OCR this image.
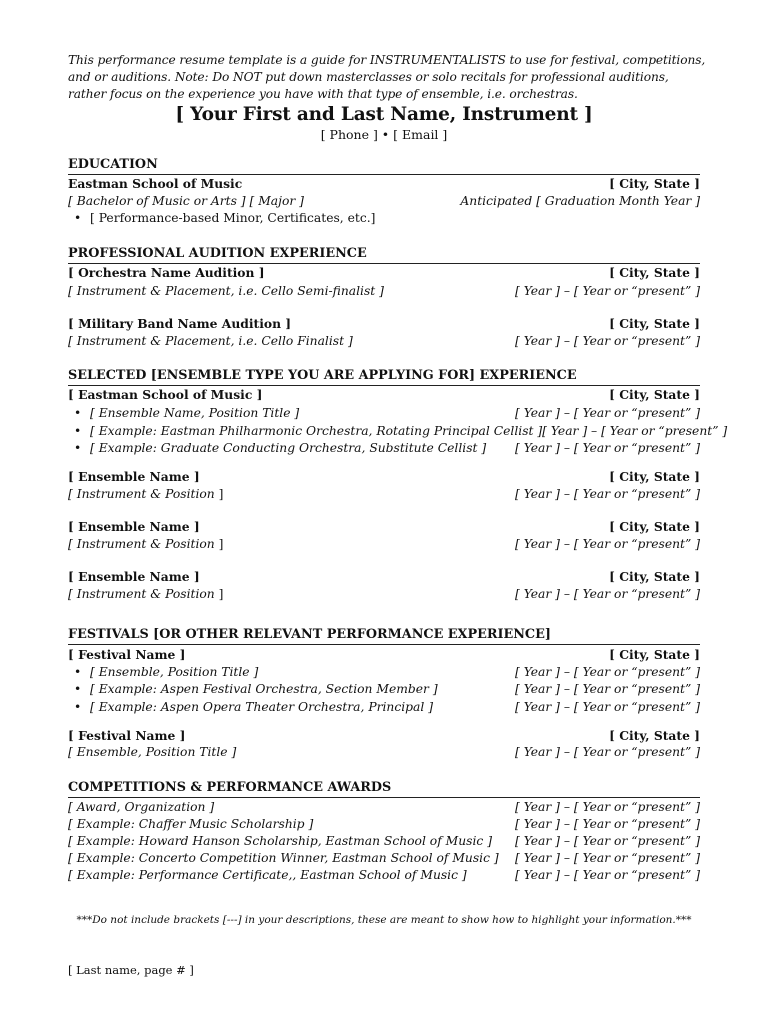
This performance resume template is a guide for INSTRUMENTALISTS to use for festival, competitions, and or auditions. Note: Do NOT put down masterclasses or solo recitals for professional auditions, rather focus on the experience you have with that type of ensemble, i.e. orchestras.
[ Your First and Last Name, Instrument ]
[ Phone ] • [ Email ]
EDUCATION
Eastman School of Music	[ City, State ]
[ Bachelor of Music or Arts ] [ Major ]	Anticipated [ Graduation Month Year ]
• [ Performance-based Minor, Certificates, etc.]
PROFESSIONAL AUDITION EXPERIENCE
[ Orchestra Name Audition ]	[ City, State ]
[ Instrument & Placement, i.e. Cello Semi-finalist ]	[ Year ] – [ Year or “present” ]
[ Military Band Name Audition ]	[ City, State ]
[ Instrument & Placement, i.e. Cello Finalist ]	[ Year ] – [ Year or “present” ]
SELECTED [ENSEMBLE TYPE YOU ARE APPLYING FOR] EXPERIENCE
[ Eastman School of Music ]	[ City, State ]
• [ Ensemble Name, Position Title ]	[ Year ] – [ Year or “present” ]
• [ Example: Eastman Philharmonic Orchestra, Rotating Principal Cellist ] [ Year ] – [ Year or “present” ]
• [ Example: Graduate Conducting Orchestra, Substitute Cellist ] [ Year ] – [ Year or “present” ]
[ Ensemble Name ]	[ City, State ]
[ Instrument & Position ]	[ Year ] – [ Year or “present” ]
[ Ensemble Name ]	[ City, State ]
[ Instrument & Position ]	[ Year ] – [ Year or “present” ]
[ Ensemble Name ]	[ City, State ]
[ Instrument & Position ]	[ Year ] – [ Year or “present” ]
FESTIVALS [OR OTHER RELEVANT PERFORMANCE EXPERIENCE]
[ Festival Name ]	[ City, State ]
• [ Ensemble, Position Title ]	[ Year ] – [ Year or “present” ]
• [ Example: Aspen Festival Orchestra, Section Member ]	[ Year ] – [ Year or “present” ]
• [ Example: Aspen Opera Theater Orchestra, Principal ]	[ Year ] – [ Year or “present” ]
[ Festival Name ]	[ City, State ]
[ Ensemble, Position Title ]	[ Year ] – [ Year or “present” ]
COMPETITIONS & PERFORMANCE AWARDS
[ Award, Organization ]	[ Year ] – [ Year or “present” ]
[ Example: Chaffer Music Scholarship ]	[ Year ] – [ Year or “present” ]
[ Example: Howard Hanson Scholarship, Eastman School of Music ] [ Year ] – [ Year or “present” ]
[ Example: Concerto Competition Winner, Eastman School of Music ] [ Year ] – [ Year or “present” ]
[ Example: Performance Certificate,, Eastman School of Music ]	[ Year ] – [ Year or “present” ]
***Do not include brackets [---] in your descriptions, these are meant to show how to highlight your information.***
[ Last name, page # ]
